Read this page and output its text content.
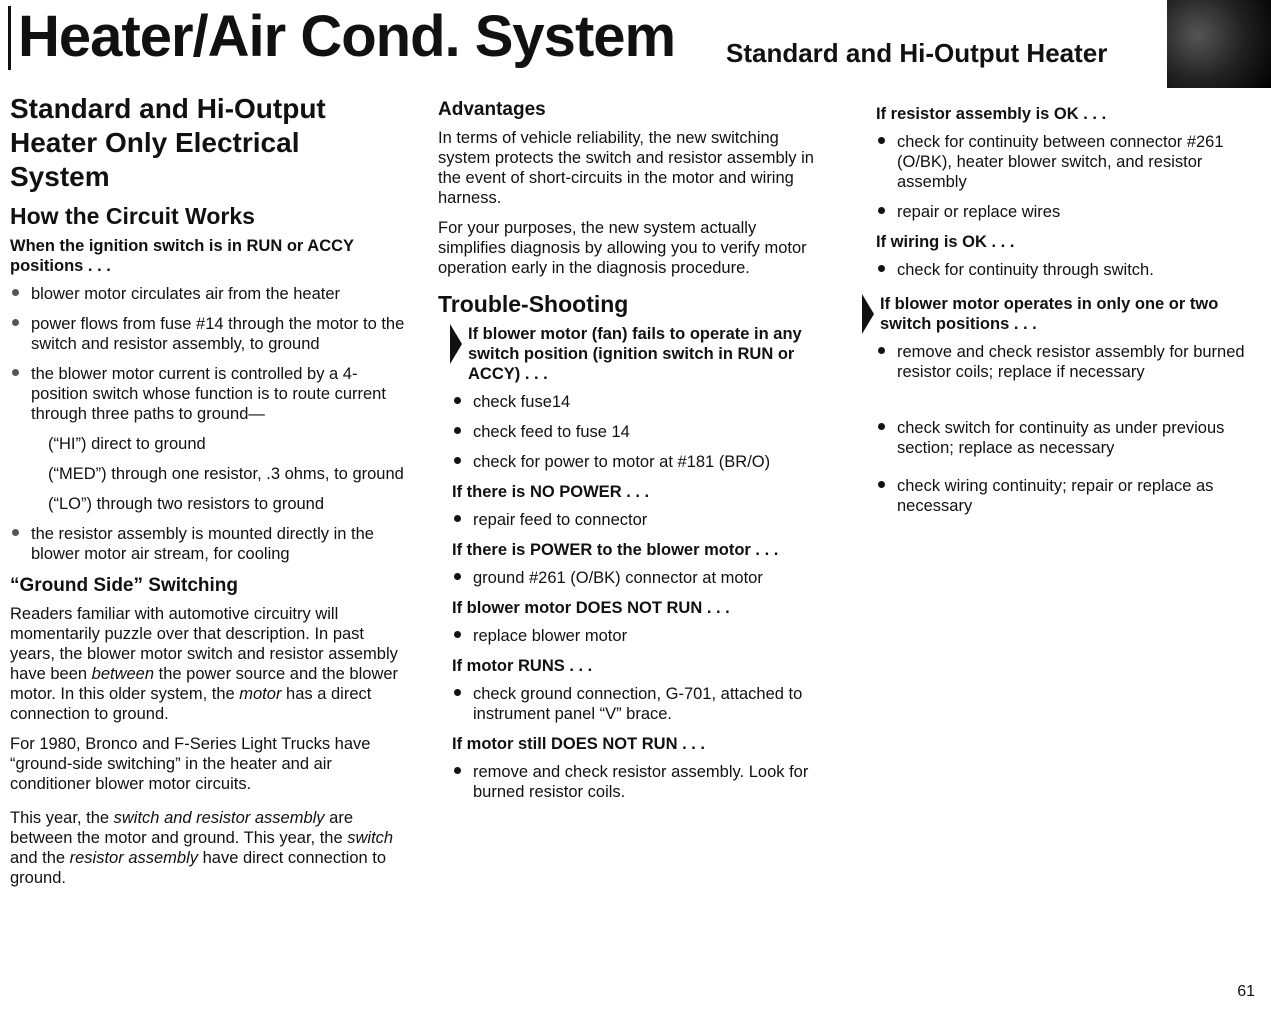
Heater/Air Cond. System Standard and Hi-Output Heater
Standard and Hi-Output Heater Only Electrical System
How the Circuit Works
When the ignition switch is in RUN or ACCY positions . . .
blower motor circulates air from the heater
power flows from fuse #14 through the motor to the switch and resistor assembly, to ground
the blower motor current is controlled by a 4-position switch whose function is to route current through three paths to ground—
(“HI”) direct to ground
(“MED”) through one resistor, .3 ohms, to ground
(“LO”) through two resistors to ground
the resistor assembly is mounted directly in the blower motor air stream, for cooling
“Ground Side” Switching

Readers familiar with automotive circuitry will momentarily puzzle over that description. In past years, the blower motor switch and resistor assembly have been between the power source and the blower motor. In this older system, the motor has a direct connection to ground.

For 1980, Bronco and F-Series Light Trucks have “ground-side switching” in the heater and air conditioner blower motor circuits.

This year, the switch and resistor assembly are between the motor and ground. This year, the switch and the resistor assembly have direct connection to ground.

Advantages

In terms of vehicle reliability, the new switching system protects the switch and resistor assembly in the event of short-circuits in the motor and wiring harness.

For your purposes, the new system actually simplifies diagnosis by allowing you to verify motor operation early in the diagnosis procedure.

Trouble-Shooting
If blower motor (fan) fails to operate in any switch position (ignition switch in RUN or ACCY) . . .
check fuse14
check feed to fuse 14
check for power to motor at #181 (BR/O)
If there is NO POWER . . .
repair feed to connector
If there is POWER to the blower motor . . .
ground #261 (O/BK) connector at motor
If blower motor DOES NOT RUN . . .
replace blower motor
If motor RUNS . . .
check ground connection, G-701, attached to instrument panel “V” brace.
If motor still DOES NOT RUN . . .
remove and check resistor assembly. Look for burned resistor coils.
If resistor assembly is OK . . .
check for continuity between connector #261 (O/BK), heater blower switch, and resistor assembly
repair or replace wires
If wiring is OK . . .
check for continuity through switch.
If blower motor operates in only one or two switch positions . . .
remove and check resistor assembly for burned resistor coils; replace if necessary
check switch for continuity as under previous section; replace as necessary
check wiring continuity; repair or replace as necessary
61
